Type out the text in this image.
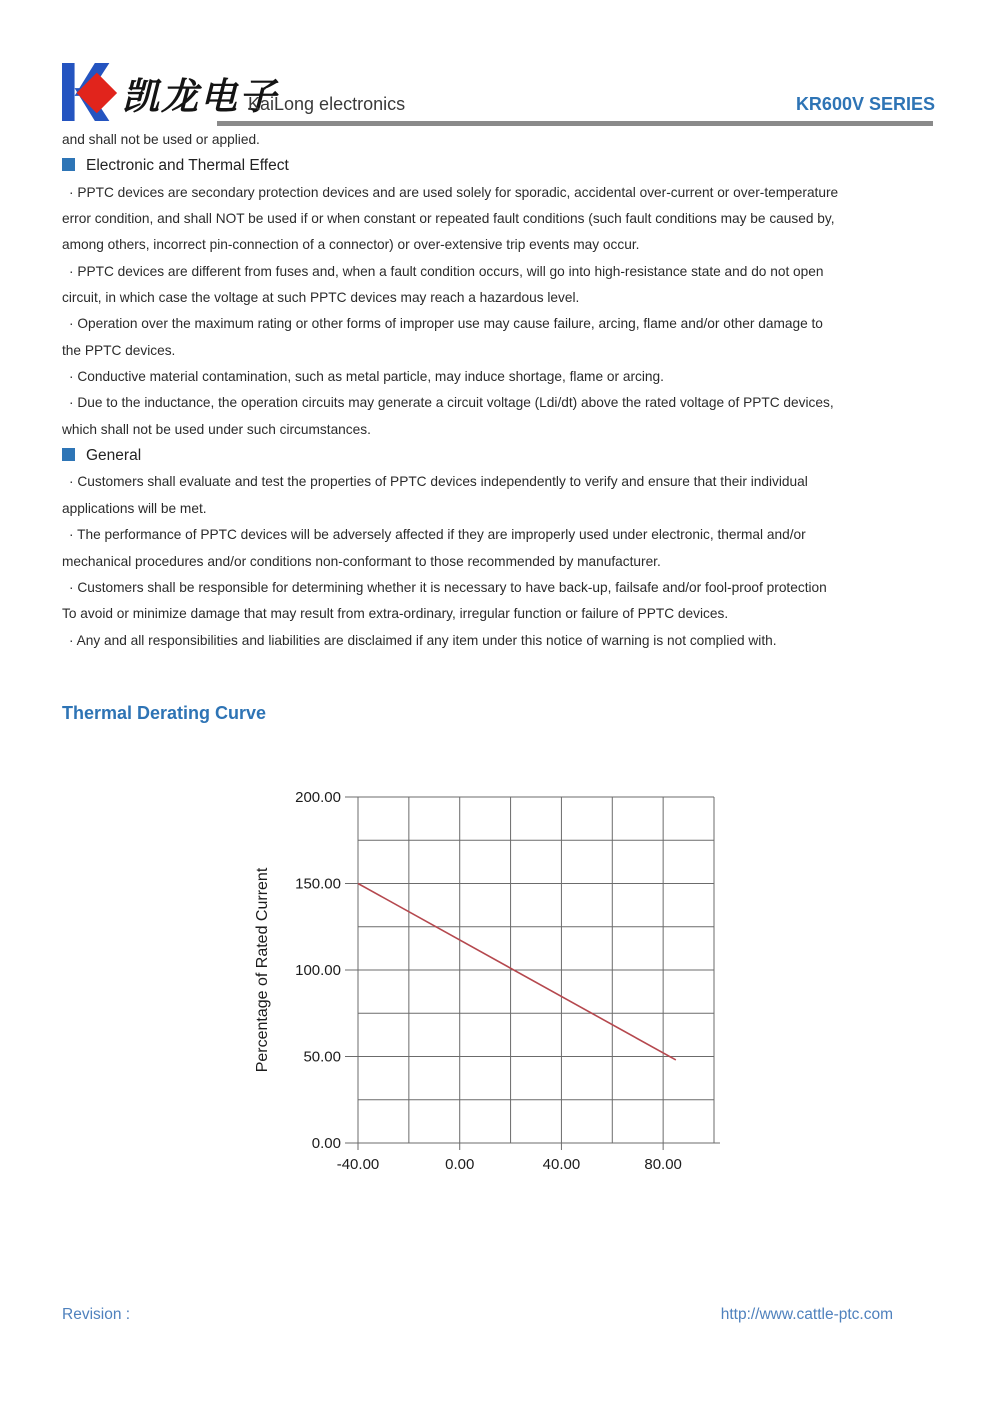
凯龙电子
KaiLong electronics	KR600V SERIES
and shall not be used or applied.
Electronic and Thermal Effect
· PPTC devices are secondary protection devices and are used solely for sporadic, accidental over-current or over-temperature
error condition, and shall NOT be used if or when constant or repeated fault conditions (such fault conditions may be caused by,
among others, incorrect pin-connection of a connector) or over-extensive trip events may occur.
· PPTC devices are different from fuses and, when a fault condition occurs, will go into high-resistance state and do not open
circuit, in which case the voltage at such PPTC devices may reach a hazardous level.
· Operation over the maximum rating or other forms of improper use may cause failure, arcing, flame and/or other damage to
the PPTC devices.
· Conductive material contamination, such as metal particle, may induce shortage, flame or arcing.
· Due to the inductance, the operation circuits may generate a circuit voltage (Ldi/dt) above the rated voltage of PPTC devices,
which shall not be used under such circumstances.
General
· Customers shall evaluate and test the properties of PPTC devices independently to verify and ensure that their individual
applications will be met.
· The performance of PPTC devices will be adversely affected if they are improperly used under electronic, thermal and/or
mechanical procedures and/or conditions non-conformant to those recommended by manufacturer.
· Customers shall be responsible for determining whether it is necessary to have back-up, failsafe and/or fool-proof protection
To avoid or minimize damage that may result from extra-ordinary, irregular function or failure of PPTC devices.
· Any and all responsibilities and liabilities are disclaimed if any item under this notice of warning is not complied with.
Thermal Derating Curve
0.00
50.00
100.00
150.00
200.00
-40.00	0.00	40.00	80.00
Percentage of Rated Current
Revision :	http://www.cattle-ptc.com
